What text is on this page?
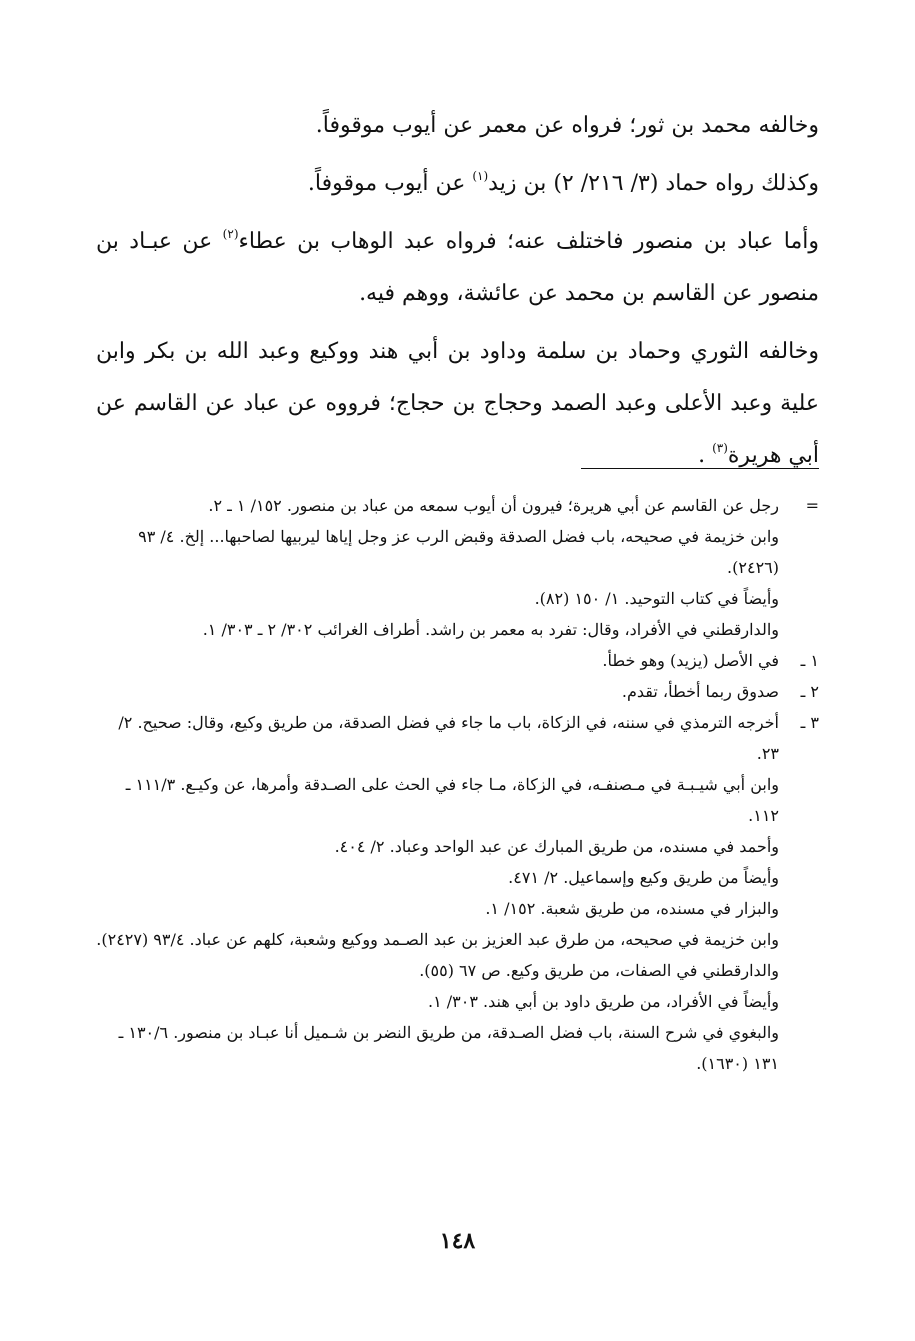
وخالفه محمد بن ثور؛ فرواه عن معمر عن أيوب موقوفاً.

وكذلك رواه حماد (٣/ ٢١٦/ ٢) بن زيد$^{(١)}$ عن أيوب موقوفاً.

وأما عباد بن منصور فاختلف عنه؛ فرواه عبد الوهاب بن عطاء$^{(٢)}$ عن عبـاد بن منصور عن القاسم بن محمد عن عائشة، ووهم فيه.

وخالفه الثوري وحماد بن سلمة وداود بن أبي هند ووكيع وعبد الله بن بكر وابن علية وعبد الأعلى وعبد الصمد وحجاج بن حجاج؛ فرووه عن عباد عن القاسم عن أبي هريرة$^{(٣)}$ .

=

رجل عن القاسم عن أبي هريرة؛ فيرون أن أيوب سمعه من عباد بن منصور. ١٥٢/ ١ ـ ٢.

وابن خزيمة في صحيحه، باب فضل الصدقة وقبض الرب عز وجل إياها ليربيها لصاحبها... إلخ. ٤/ ٩٣ (٢٤٢٦).

وأيضاً في كتاب التوحيد. ١/ ١٥٠ (٨٢).

والدارقطني في الأفراد، وقال: تفرد به معمر بن راشد. أطراف الغرائب ٣٠٢/ ٢ ـ ٣٠٣/ ١.

١ ـ

في الأصل (يزيد) وهو خطأ.

٢ ـ

صدوق ربما أخطأ، تقدم.

٣ ـ

أخرجه الترمذي في سننه، في الزكاة، باب ما جاء في فضل الصدقة، من طريق وكيع، وقال: صحيح. ٢/ ٢٣.

وابن أبي شيـبـة في مـصنفـه، في الزكاة، مـا جاء في الحث على الصـدقة وأمرها، عن وكيـع. ١١١/٣ ـ ١١٢.

وأحمد في مسنده، من طريق المبارك عن عبد الواحد وعباد. ٢/ ٤٠٤.

وأيضاً من طريق وكيع وإسماعيل. ٢/ ٤٧١.

والبزار في مسنده، من طريق شعبة. ١٥٢/ ١.

وابن خزيمة في صحيحه، من طرق عبد العزيز بن عبد الصـمد ووكيع وشعبة، كلهم عن عباد. ٩٣/٤ (٢٤٢٧).

والدارقطني في الصفات، من طريق وكيع. ص ٦٧ (٥٥).

وأيضاً في الأفراد، من طريق داود بن أبي هند. ٣٠٣/ ١.

والبغوي في شرح السنة، باب فضل الصـدقة، من طريق النضر بن شـميل أنا عبـاد بن منصور. ١٣٠/٦ ـ ١٣١ (١٦٣٠).

١٤٨
